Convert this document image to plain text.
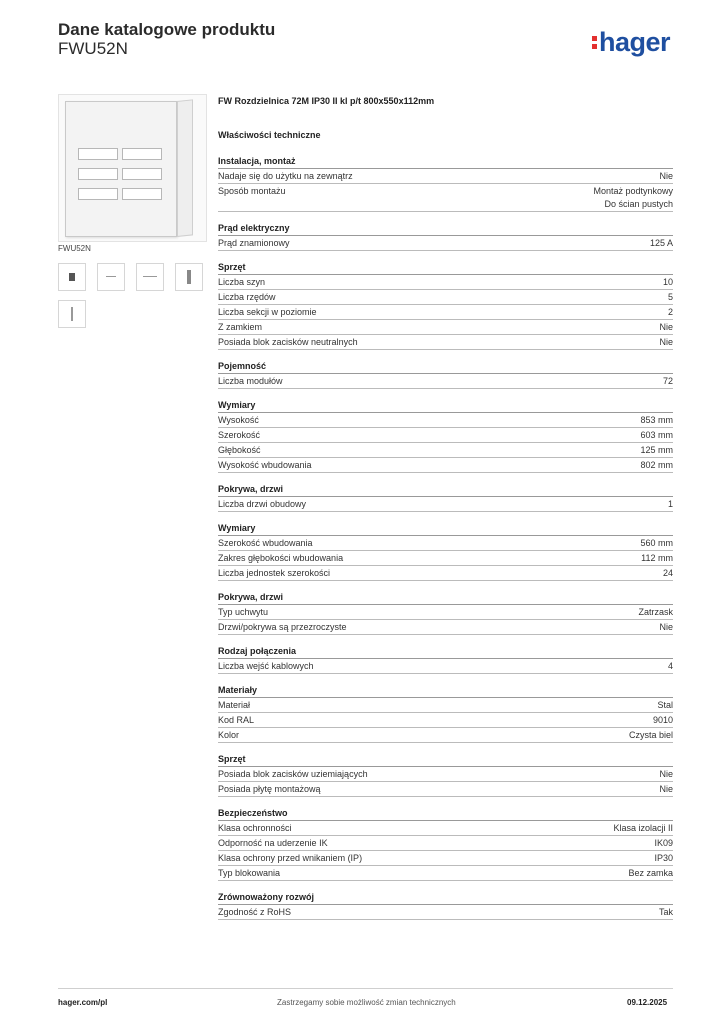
Dane katalogowe produktu
FWU52N	hager
FWU52N
FW Rozdzielnica 72M IP30 II kl p/t 800x550x112mm
Właściwości techniczne
Instalacja, montaż
Nadaje się do użytku na zewnątrz	Nie
Sposób montażu	Montaż podtynkowy
Do ścian pustych
Prąd elektryczny
Prąd znamionowy	125 A
Sprzęt
Liczba szyn	10
Liczba rzędów	5
Liczba sekcji w poziomie	2
Z zamkiem	Nie
Posiada blok zacisków neutralnych	Nie
Pojemność
Liczba modułów	72
Wymiary
Wysokość	853 mm
Szerokość	603 mm
Głębokość	125 mm
Wysokość wbudowania	802 mm
Pokrywa, drzwi
Liczba drzwi obudowy	1
Wymiary
Szerokość wbudowania	560 mm
Zakres głębokości wbudowania	112 mm
Liczba jednostek szerokości	24
Pokrywa, drzwi
Typ uchwytu	Zatrzask
Drzwi/pokrywa są przezroczyste	Nie
Rodzaj połączenia
Liczba wejść kablowych	4
Materiały
Materiał	Stal
Kod RAL	9010
Kolor	Czysta biel
Sprzęt
Posiada blok zacisków uziemiających	Nie
Posiada płytę montażową	Nie
Bezpieczeństwo
Klasa ochronności	Klasa izolacji II
Odporność na uderzenie IK	IK09
Klasa ochrony przed wnikaniem (IP)	IP30
Typ blokowania	Bez zamka
Zrównoważony rozwój
Zgodność z RoHS	Tak
hager.com/pl	Zastrzegamy sobie możliwość zmian technicznych	09.12.2025
